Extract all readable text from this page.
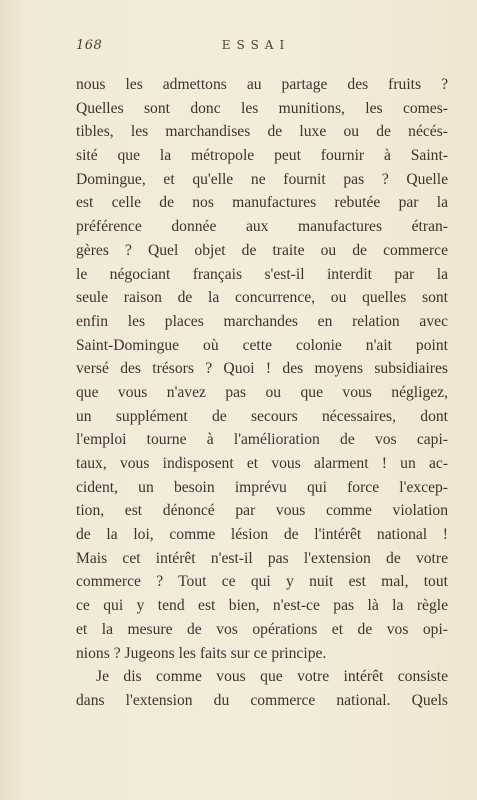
168	ESSAI
nous les admettons au partage des fruits ?
Quelles sont donc les munitions, les comes-
tibles, les marchandises de luxe ou de nécés-
sité que la métropole peut fournir à Saint-
Domingue, et qu'elle ne fournit pas ? Quelle
est celle de nos manufactures rebutée par la
préférence donnée aux manufactures étran-
gères ? Quel objet de traite ou de commerce
le négociant français s'est-il interdit par la
seule raison de la concurrence, ou quelles sont
enfin les places marchandes en relation avec
Saint-Domingue où cette colonie n'ait point
versé des trésors ? Quoi ! des moyens subsidiaires
que vous n'avez pas ou que vous négligez,
un supplément de secours nécessaires, dont
l'emploi tourne à l'amélioration de vos capi-
taux, vous indisposent et vous alarment ! un ac-
cident, un besoin imprévu qui force l'excep-
tion, est dénoncé par vous comme violation
de la loi, comme lésion de l'intérêt national !
Mais cet intérêt n'est-il pas l'extension de votre
commerce ? Tout ce qui y nuit est mal, tout
ce qui y tend est bien, n'est-ce pas là la règle
et la mesure de vos opérations et de vos opi-
nions ? Jugeons les faits sur ce principe.
Je dis comme vous que votre intérêt consiste
dans l'extension du commerce national. Quels
